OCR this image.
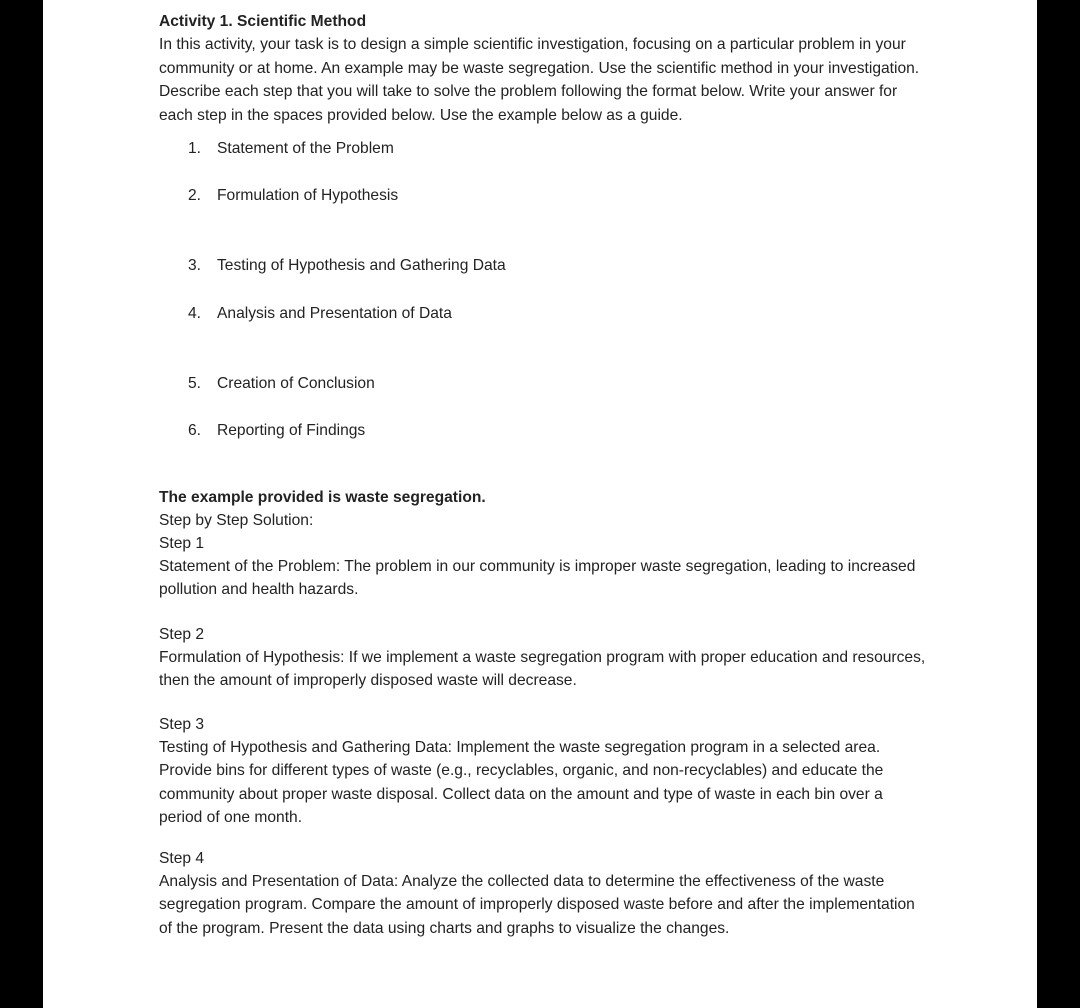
Activity 1. Scientific Method

In this activity, your task is to design a simple scientific investigation, focusing on a particular problem in your community or at home. An example may be waste segregation. Use the scientific method in your investigation. Describe each step that you will take to solve the problem following the format below. Write your answer for each step in the spaces provided below. Use the example below as a guide.

1. Statement of the Problem
2. Formulation of Hypothesis
3. Testing of Hypothesis and Gathering Data
4. Analysis and Presentation of Data
5. Creation of Conclusion
6. Reporting of Findings

The example provided is waste segregation.

Step by Step Solution:

Step 1

Statement of the Problem: The problem in our community is improper waste segregation, leading to increased pollution and health hazards.

Step 2

Formulation of Hypothesis: If we implement a waste segregation program with proper education and resources, then the amount of improperly disposed waste will decrease.

Step 3

Testing of Hypothesis and Gathering Data: Implement the waste segregation program in a selected area. Provide bins for different types of waste (e.g., recyclables, organic, and non-recyclables) and educate the community about proper waste disposal. Collect data on the amount and type of waste in each bin over a period of one month.

Step 4

Analysis and Presentation of Data: Analyze the collected data to determine the effectiveness of the waste segregation program. Compare the amount of improperly disposed waste before and after the implementation of the program. Present the data using charts and graphs to visualize the changes.
